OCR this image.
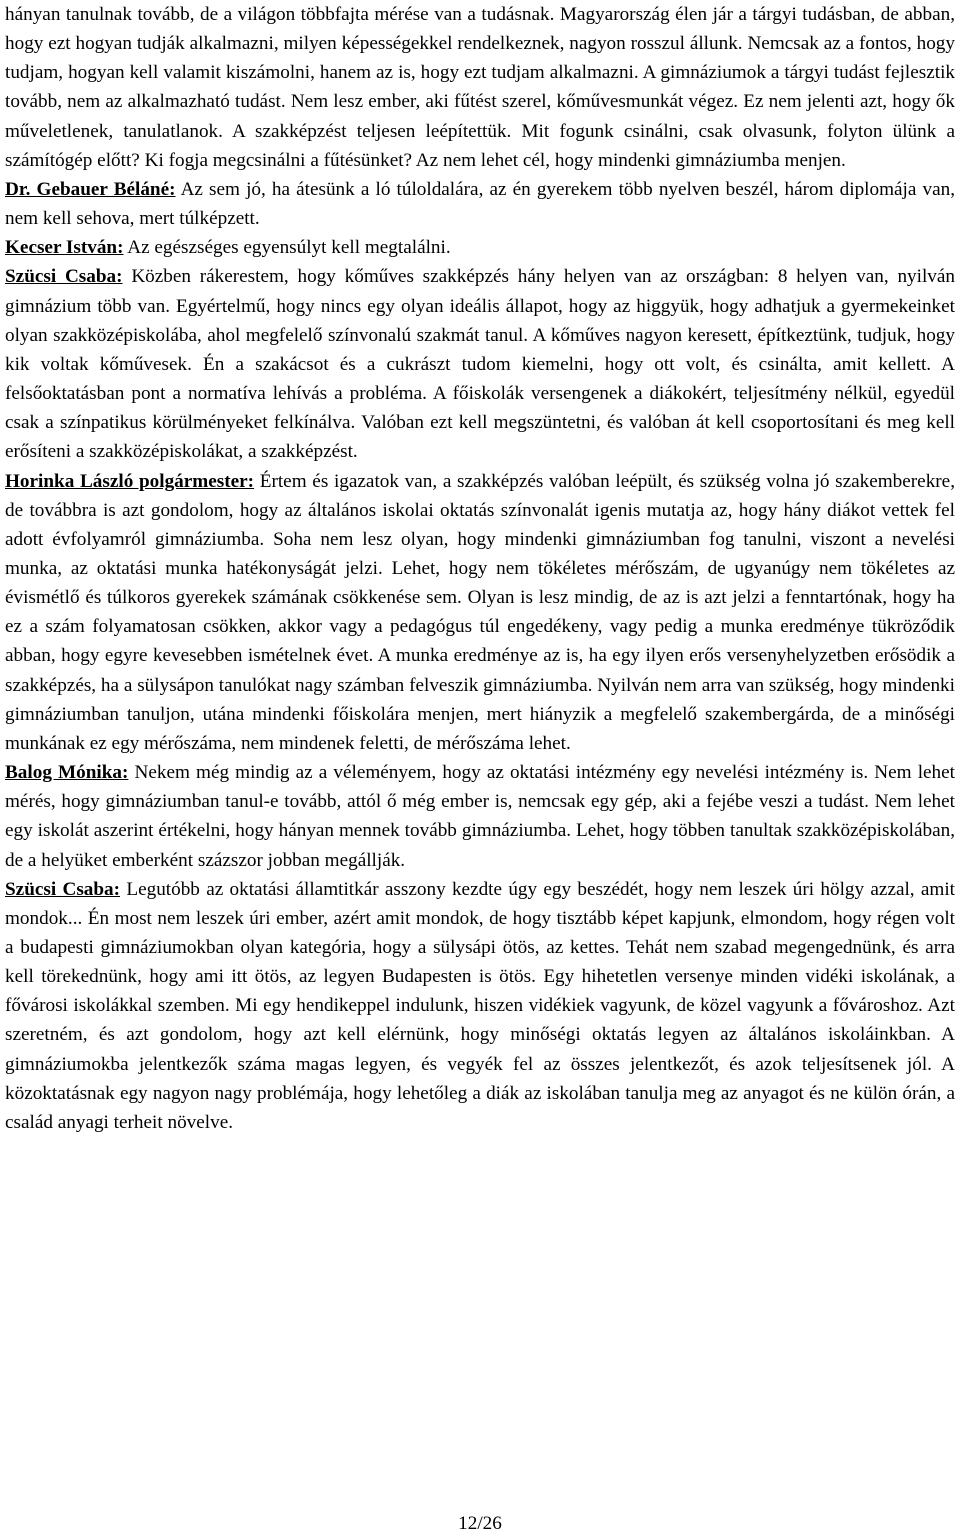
hányan tanulnak tovább, de a világon többfajta mérése van a tudásnak. Magyarország élen jár a tárgyi tudásban, de abban, hogy ezt hogyan tudják alkalmazni, milyen képességekkel rendelkeznek, nagyon rosszul állunk. Nemcsak az a fontos, hogy tudjam, hogyan kell valamit kiszámolni, hanem az is, hogy ezt tudjam alkalmazni. A gimnáziumok a tárgyi tudást fejlesztik tovább, nem az alkalmazható tudást. Nem lesz ember, aki fűtést szerel, kőművesmunkát végez. Ez nem jelenti azt, hogy ők műveletlenek, tanulatlanok. A szakképzést teljesen leépítettük. Mit fogunk csinálni, csak olvasunk, folyton ülünk a számítógép előtt? Ki fogja megcsinálni a fűtésünket? Az nem lehet cél, hogy mindenki gimnáziumba menjen.

Dr. Gebauer Béláné: Az sem jó, ha átesünk a ló túloldalára, az én gyerekem több nyelven beszél, három diplomája van, nem kell sehova, mert túlképzett.

Kecser István: Az egészséges egyensúlyt kell megtalálni.

Szücsi Csaba: Közben rákerestem, hogy kőműves szakképzés hány helyen van az országban: 8 helyen van, nyilván gimnázium több van. Egyértelmű, hogy nincs egy olyan ideális állapot, hogy az higgyük, hogy adhatjuk a gyermekeinket olyan szakközépiskolába, ahol megfelelő színvonalú szakmát tanul. A kőműves nagyon keresett, építkeztünk, tudjuk, hogy kik voltak kőművesek. Én a szakácsot és a cukrászt tudom kiemelni, hogy ott volt, és csinálta, amit kellett. A felsőoktatásban pont a normatíva lehívás a probléma. A főiskolák versengenek a diákokért, teljesítmény nélkül, egyedül csak a színpatikus körülményeket felkínálva. Valóban ezt kell megszüntetni, és valóban át kell csoportosítani és meg kell erősíteni a szakközépiskolákat, a szakképzést.

Horinka László polgármester: Értem és igazatok van, a szakképzés valóban leépült, és szükség volna jó szakemberekre, de továbbra is azt gondolom, hogy az általános iskolai oktatás színvonalát igenis mutatja az, hogy hány diákot vettek fel adott évfolyamról gimnáziumba. Soha nem lesz olyan, hogy mindenki gimnáziumban fog tanulni, viszont a nevelési munka, az oktatási munka hatékonyságát jelzi. Lehet, hogy nem tökéletes mérőszám, de ugyanúgy nem tökéletes az évismétlő és túlkoros gyerekek számának csökkenése sem. Olyan is lesz mindig, de az is azt jelzi a fenntartónak, hogy ha ez a szám folyamatosan csökken, akkor vagy a pedagógus túl engedékeny, vagy pedig a munka eredménye tükröződik abban, hogy egyre kevesebben ismételnek évet. A munka eredménye az is, ha egy ilyen erős versenyhelyzetben erősödik a szakképzés, ha a sülysápon tanulókat nagy számban felveszik gimnáziumba. Nyilván nem arra van szükség, hogy mindenki gimnáziumban tanuljon, utána mindenki főiskolára menjen, mert hiányzik a megfelelő szakembergárda, de a minőségi munkának ez egy mérőszáma, nem mindenek feletti, de mérőszáma lehet.

Balog Mónika: Nekem még mindig az a véleményem, hogy az oktatási intézmény egy nevelési intézmény is. Nem lehet mérés, hogy gimnáziumban tanul-e tovább, attól ő még ember is, nemcsak egy gép, aki a fejébe veszi a tudást. Nem lehet egy iskolát aszerint értékelni, hogy hányan mennek tovább gimnáziumba. Lehet, hogy többen tanultak szakközépiskolában, de a helyüket emberként százszor jobban megállják.

Szücsi Csaba: Legutóbb az oktatási államtitkár asszony kezdte úgy egy beszédét, hogy nem leszek úri hölgy azzal, amit mondok... Én most nem leszek úri ember, azért amit mondok, de hogy tisztább képet kapjunk, elmondom, hogy régen volt a budapesti gimnáziumokban olyan kategória, hogy a sülysápi ötös, az kettes. Tehát nem szabad megengednünk, és arra kell törekednünk, hogy ami itt ötös, az legyen Budapesten is ötös. Egy hihetetlen versenye minden vidéki iskolának, a fővárosi iskolákkal szemben. Mi egy hendikeppel indulunk, hiszen vidékiek vagyunk, de közel vagyunk a fővároshoz. Azt szeretném, és azt gondolom, hogy azt kell elérnünk, hogy minőségi oktatás legyen az általános iskoláinkban. A gimnáziumokba jelentkezők száma magas legyen, és vegyék fel az összes jelentkezőt, és azok teljesítsenek jól. A közoktatásnak egy nagyon nagy problémája, hogy lehetőleg a diák az iskolában tanulja meg az anyagot és ne külön órán, a család anyagi terheit növelve.

12/26
